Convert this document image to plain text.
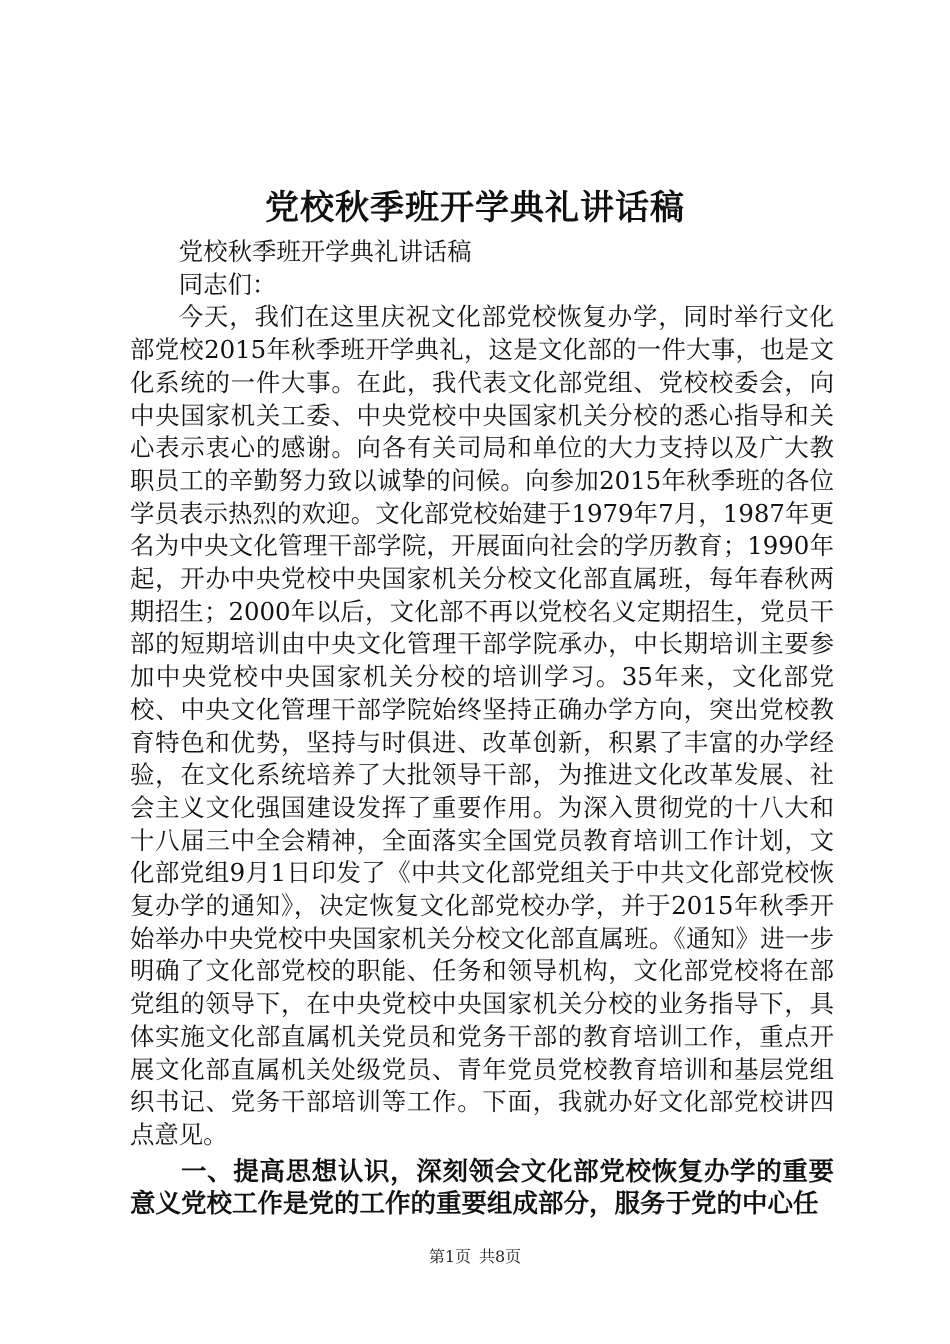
党校秋季班开学典礼讲话稿

党校秋季班开学典礼讲话稿

同志们：

今天，我们在这里庆祝文化部党校恢复办学，同时举行文化部党校2015年秋季班开学典礼，这是文化部的一件大事，也是文化系统的一件大事。在此，我代表文化部党组、党校校委会，向中央国家机关工委、中央党校中央国家机关分校的悉心指导和关心表示衷心的感谢。向各有关司局和单位的大力支持以及广大教职员工的辛勤努力致以诚挚的问候。向参加2015年秋季班的各位学员表示热烈的欢迎。文化部党校始建于1979年7月，1987年更名为中央文化管理干部学院，开展面向社会的学历教育；1990年起，开办中央党校中央国家机关分校文化部直属班，每年春秋两期招生；2000年以后，文化部不再以党校名义定期招生，党员干部的短期培训由中央文化管理干部学院承办，中长期培训主要参加中央党校中央国家机关分校的培训学习。35年来，文化部党校、中央文化管理干部学院始终坚持正确办学方向，突出党校教育特色和优势，坚持与时俱进、改革创新，积累了丰富的办学经验，在文化系统培养了大批领导干部，为推进文化改革发展、社会主义文化强国建设发挥了重要作用。为深入贯彻党的十八大和十八届三中全会精神，全面落实全国党员教育培训工作计划，文化部党组9月1日印发了《中共文化部党组关于中共文化部党校恢复办学的通知》，决定恢复文化部党校办学，并于2015年秋季开始举办中央党校中央国家机关分校文化部直属班。《通知》进一步明确了文化部党校的职能、任务和领导机构，文化部党校将在部党组的领导下，在中央党校中央国家机关分校的业务指导下，具体实施文化部直属机关党员和党务干部的教育培训工作，重点开展文化部直属机关处级党员、青年党员党校教育培训和基层党组织书记、党务干部培训等工作。下面，我就办好文化部党校讲四点意见。

一、提高思想认识，深刻领会文化部党校恢复办学的重要意义党校工作是党的工作的重要组成部分，服务于党的中心任

第1页 共8页
